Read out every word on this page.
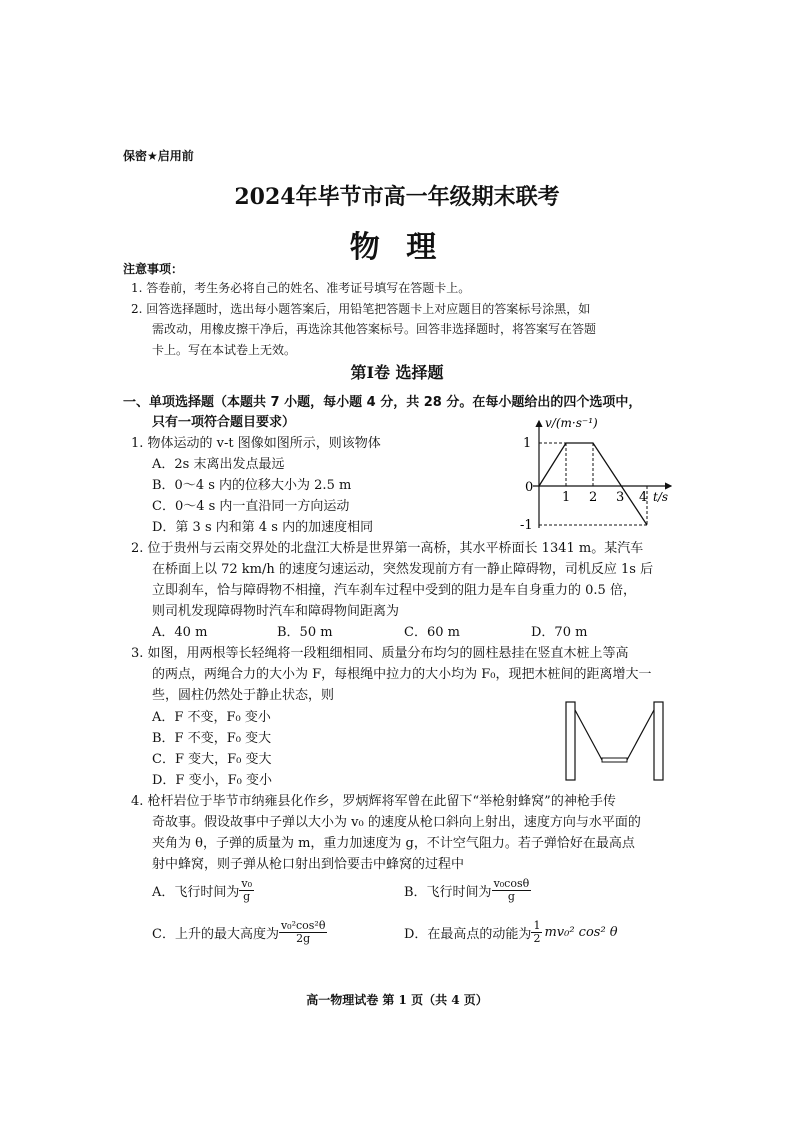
保密★启用前
2024年毕节市高一年级期末联考
物 理
注意事项：
1. 答卷前，考生务必将自己的姓名、准考证号填写在答题卡上。
2. 回答选择题时，选出每小题答案后，用铅笔把答题卡上对应题目的答案标号涂黑，如
需改动，用橡皮擦干净后，再选涂其他答案标号。回答非选择题时，将答案写在答题
卡上。写在本试卷上无效。
第Ⅰ卷 选择题
一、单项选择题（本题共 7 小题，每小题 4 分，共 28 分。在每小题给出的四个选项中，
只有一项符合题目要求）
1. 物体运动的 v-t 图像如图所示，则该物体
A．2s 末离出发点最远
B．0～4 s 内的位移大小为 2.5 m
C．0～4 s 内一直沿同一方向运动
D．第 3 s 内和第 4 s 内的加速度相同
v/(m·s⁻¹)
1
0
-1
1 2 3 4 t/s
2. 位于贵州与云南交界处的北盘江大桥是世界第一高桥，其水平桥面长 1341 m。某汽车
在桥面上以 72 km/h 的速度匀速运动，突然发现前方有一静止障碍物，司机反应 1s 后
立即刹车，恰与障碍物不相撞，汽车刹车过程中受到的阻力是车自身重力的 0.5 倍，
则司机发现障碍物时汽车和障碍物间距离为
A．40 m	B．50 m	C．60 m	D．70 m
3. 如图，用两根等长轻绳将一段粗细相同、质量分布均匀的圆柱悬挂在竖直木桩上等高
的两点，两绳合力的大小为 F，每根绳中拉力的大小均为 F₀，现把木桩间的距离增大一
些，圆柱仍然处于静止状态，则
A．F 不变，F₀ 变小
B．F 不变，F₀ 变大
C．F 变大，F₀ 变大
D．F 变小，F₀ 变小
4. 枪杆岩位于毕节市纳雍县化作乡，罗炳辉将军曾在此留下“举枪射蜂窝”的神枪手传
奇故事。假设故事中子弹以大小为 v₀ 的速度从枪口斜向上射出，速度方向与水平面的
夹角为 θ，子弹的质量为 m，重力加速度为 g，不计空气阻力。若子弹恰好在最高点
射中蜂窝，则子弹从枪口射出到恰要击中蜂窝的过程中
A．飞行时间为 $\frac{\text{v₀}}{g}$	B．飞行时间为 $\frac{\text{v₀cosθ}}{g}$
C．上升的最大高度为 $\frac{\text{v₀²cos²θ}}{2g}$	D．在最高点的动能为 $\frac{1}{2} mv_0^2$ cos² θ
高一物理试卷 第 1 页（共 4 页）
